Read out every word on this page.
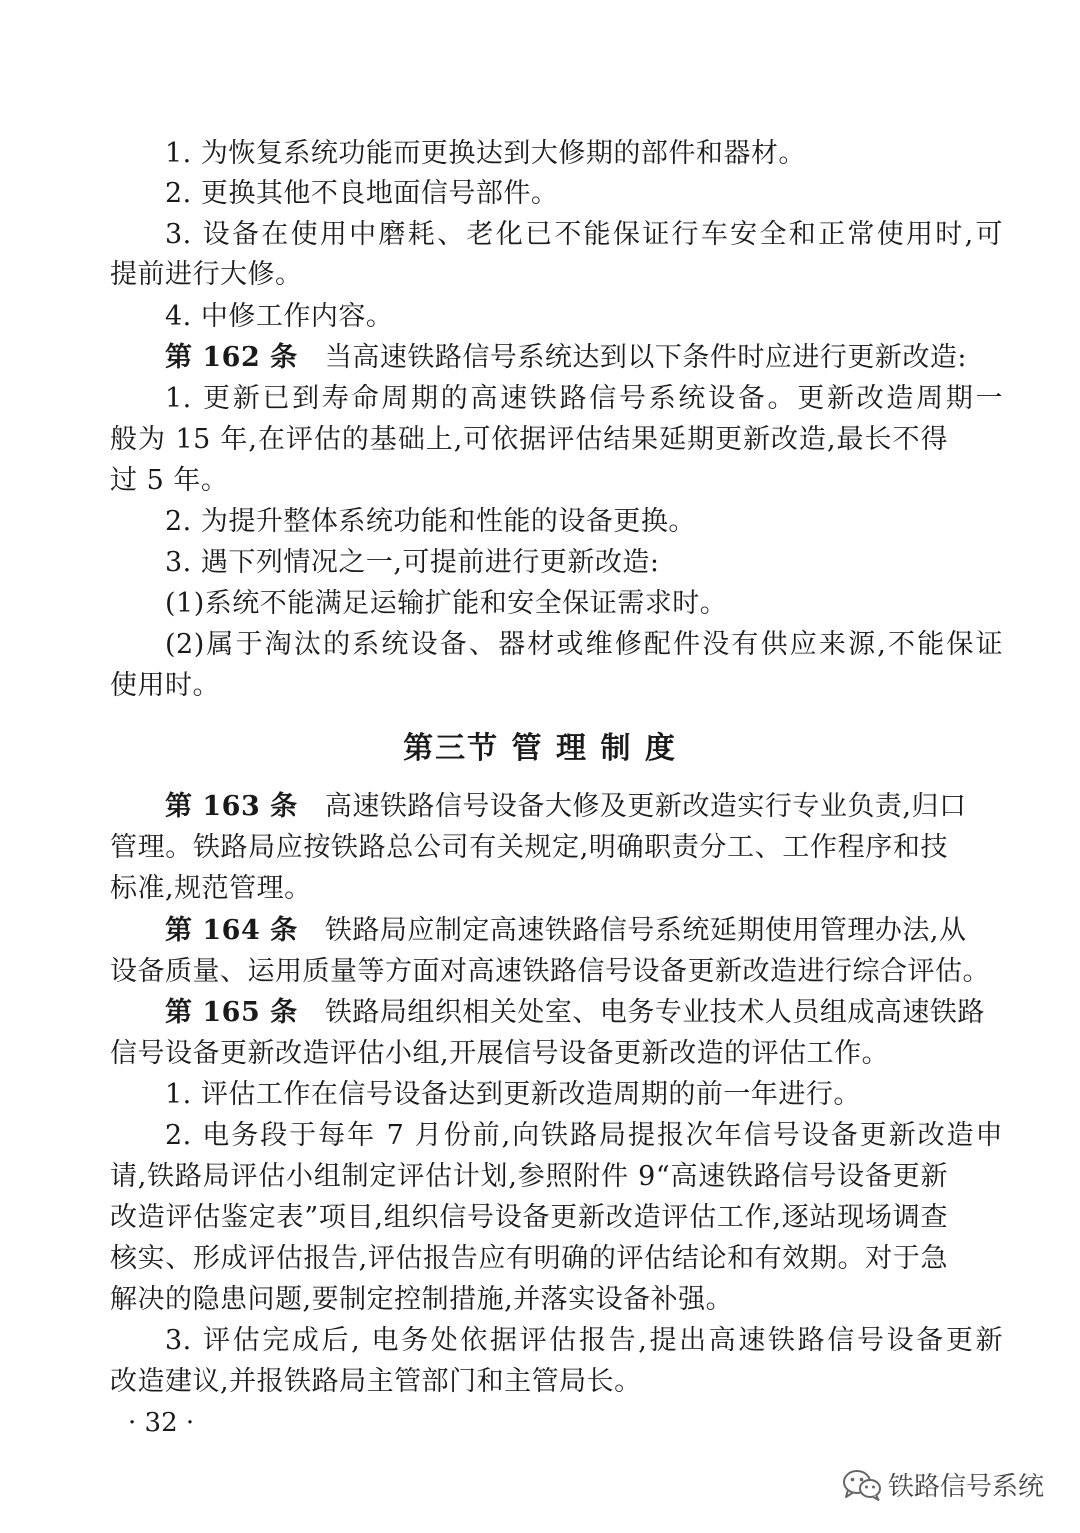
1. 为恢复系统功能而更换达到大修期的部件和器材。
2. 更换其他不良地面信号部件。
3. 设备在使用中磨耗、老化已不能保证行车安全和正常使用时,可
提前进行大修。
4. 中修工作内容。
第 162 条 当高速铁路信号系统达到以下条件时应进行更新改造:
1. 更新已到寿命周期的高速铁路信号系统设备。更新改造周期一
般为 15 年,在评估的基础上,可依据评估结果延期更新改造,最长不得
过 5 年。
2. 为提升整体系统功能和性能的设备更换。
3. 遇下列情况之一,可提前进行更新改造:
(1)系统不能满足运输扩能和安全保证需求时。
(2)属于淘汰的系统设备、器材或维修配件没有供应来源,不能保证
使用时。
第三节 管 理 制 度
第 163 条 高速铁路信号设备大修及更新改造实行专业负责,归口
管理。铁路局应按铁路总公司有关规定,明确职责分工、工作程序和技
标准,规范管理。
第 164 条 铁路局应制定高速铁路信号系统延期使用管理办法,从
设备质量、运用质量等方面对高速铁路信号设备更新改造进行综合评估。
第 165 条 铁路局组织相关处室、电务专业技术人员组成高速铁路
信号设备更新改造评估小组,开展信号设备更新改造的评估工作。
1. 评估工作在信号设备达到更新改造周期的前一年进行。
2. 电务段于每年 7 月份前,向铁路局提报次年信号设备更新改造申
请,铁路局评估小组制定评估计划,参照附件 9“高速铁路信号设备更新
改造评估鉴定表”项目,组织信号设备更新改造评估工作,逐站现场调查
核实、形成评估报告,评估报告应有明确的评估结论和有效期。对于急
解决的隐患问题,要制定控制措施,并落实设备补强。
3. 评估完成后, 电务处依据评估报告,提出高速铁路信号设备更新
改造建议,并报铁路局主管部门和主管局长。
· 32 ·
铁路信号系统
